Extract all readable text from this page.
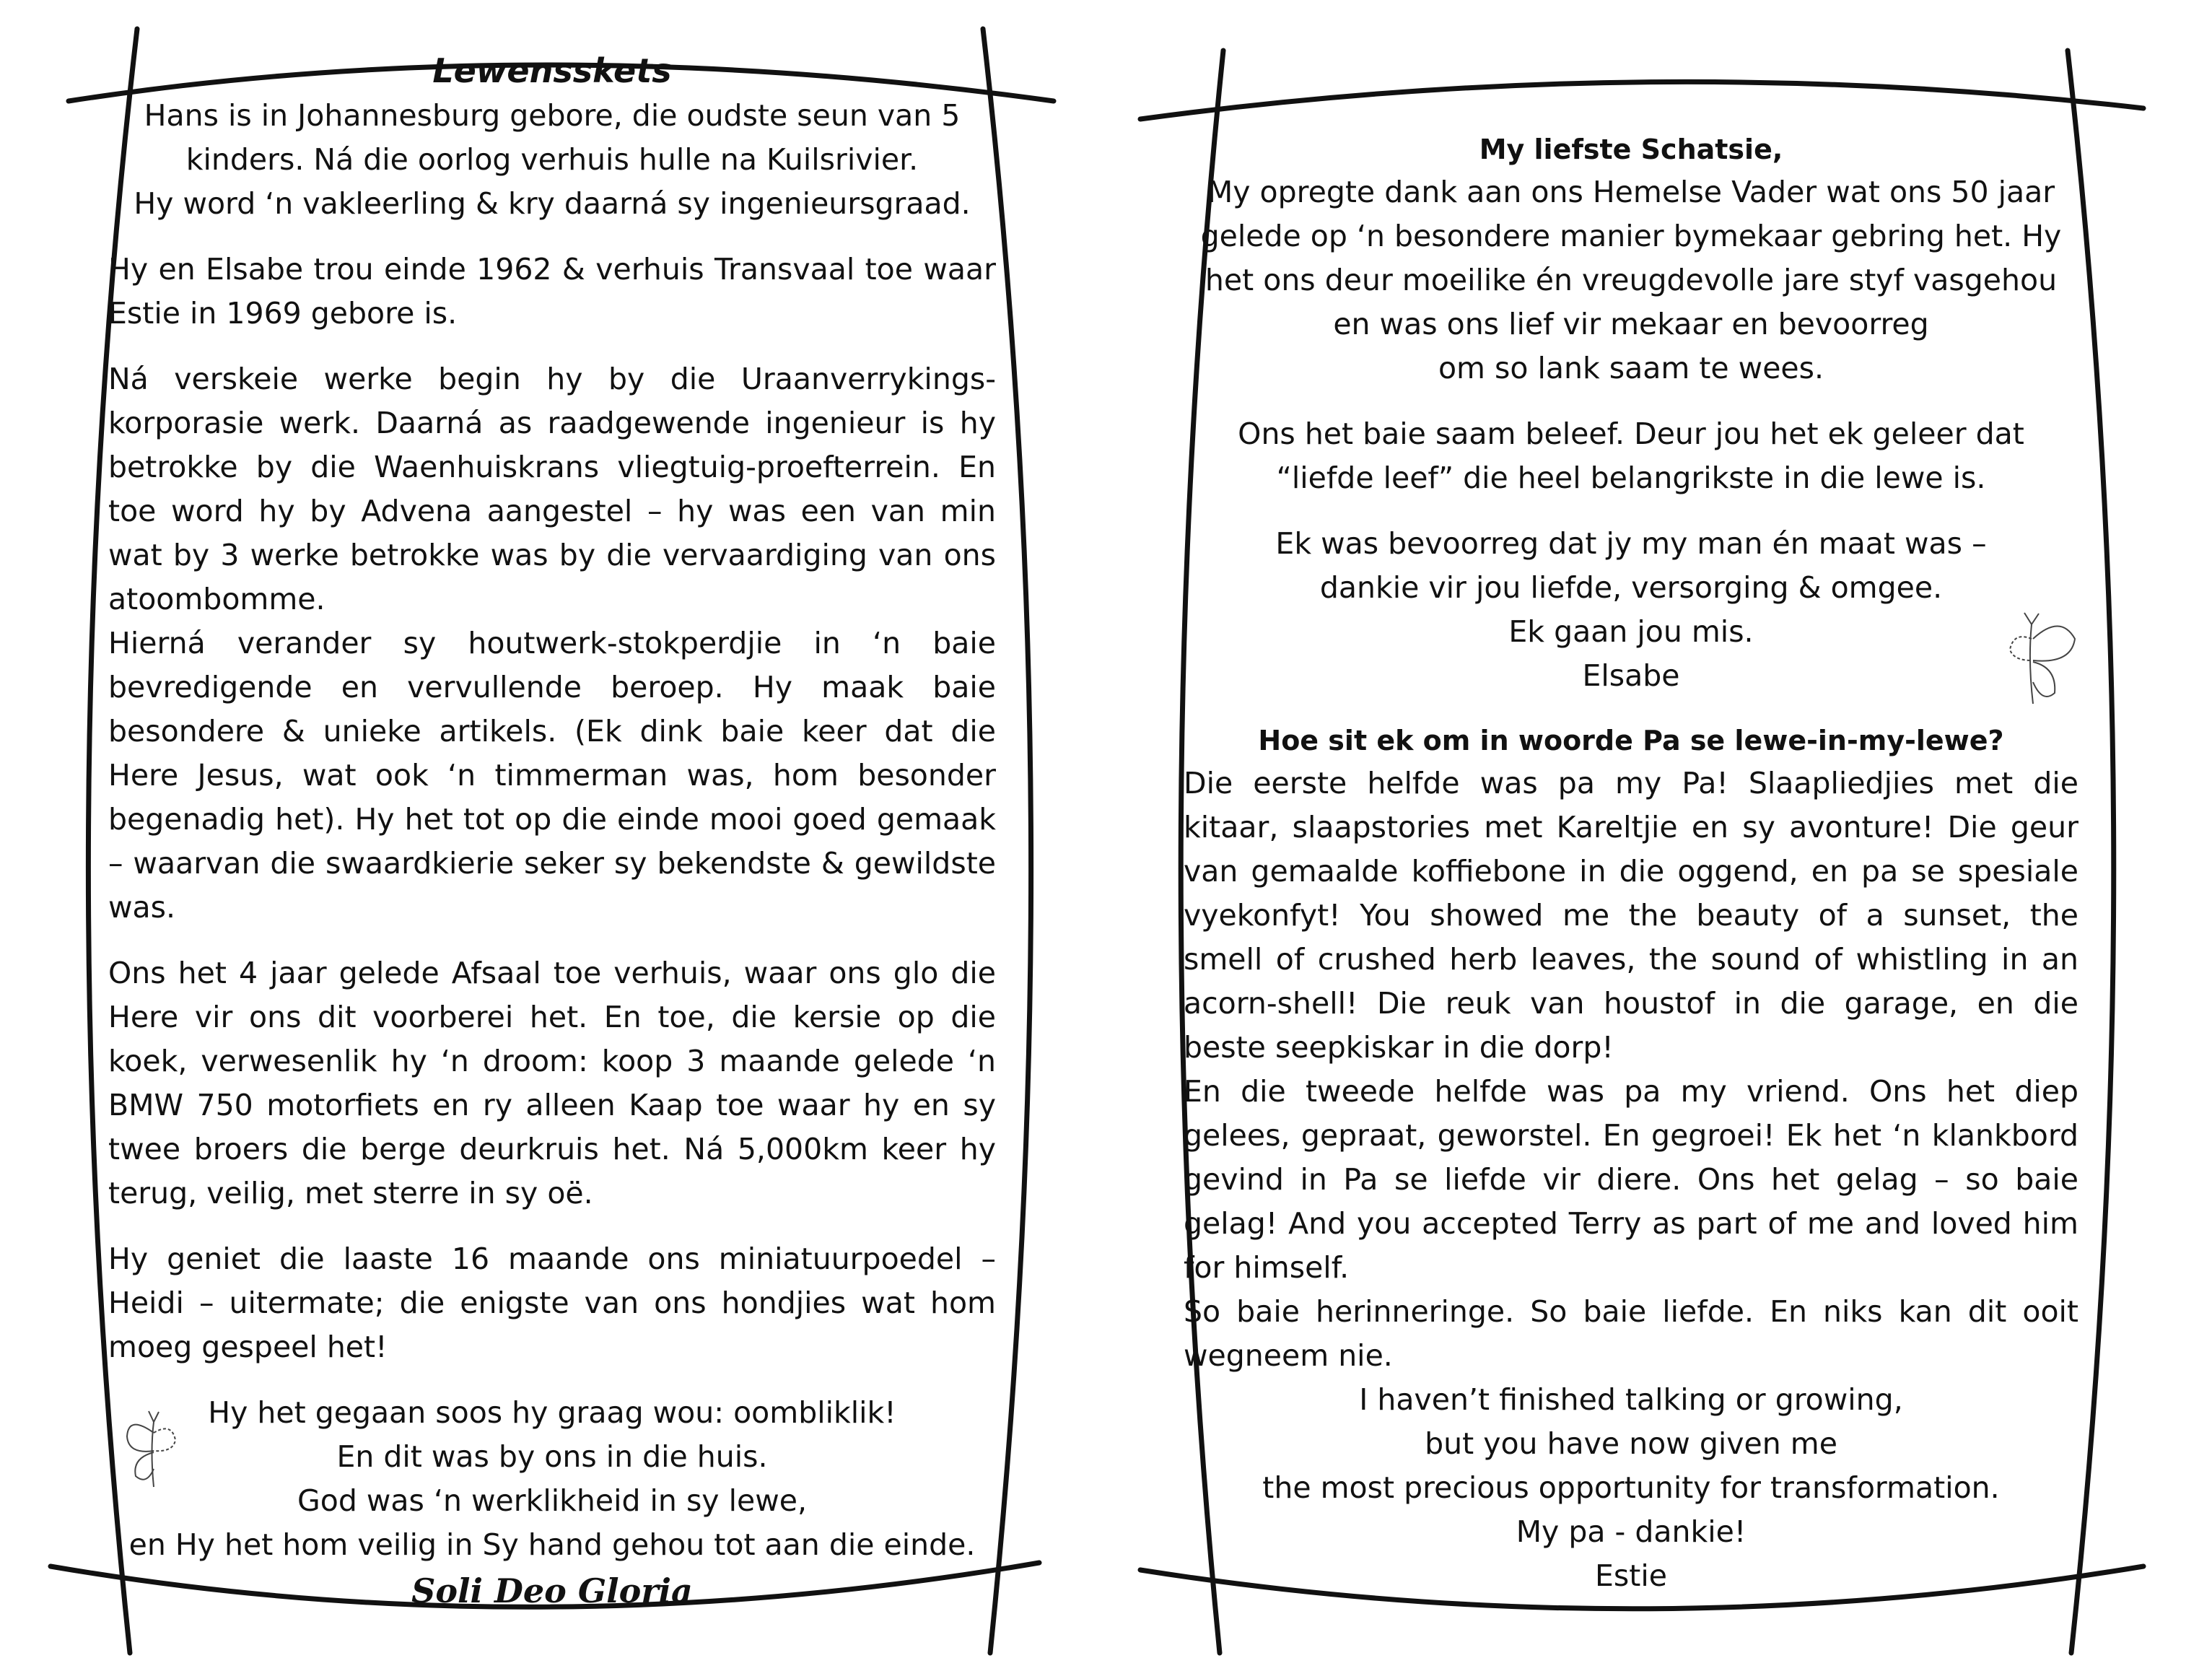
Lewensskets

Hans is in Johannesburg gebore, die oudste seun van 5

kinders. Ná die oorlog verhuis hulle na Kuilsrivier.

Hy word ‘n vakleerling & kry daarná sy ingenieursgraad.

Hy en Elsabe trou einde 1962 & verhuis Transvaal toe waar Estie in 1969 gebore is.

Ná verskeie werke begin hy by die Uraanverrykings-korporasie werk. Daarná as raadgewende ingenieur is hy betrokke by die Waenhuiskrans vliegtuig-proefterrein. En toe word hy by Advena aangestel – hy was een van min wat by 3 werke betrokke was by die vervaardiging van ons atoombomme.

Hierná verander sy houtwerk-stokperdjie in ‘n baie bevredigende en vervullende beroep. Hy maak baie besondere & unieke artikels. (Ek dink baie keer dat die Here Jesus, wat ook ‘n timmerman was, hom besonder begenadig het). Hy het tot op die einde mooi goed gemaak – waarvan die swaardkierie seker sy bekendste & gewildste was.

Ons het 4 jaar gelede Afsaal toe verhuis, waar ons glo die Here vir ons dit voorberei het. En toe, die kersie op die koek, verwesenlik hy ‘n droom: koop 3 maande gelede ‘n BMW 750 motorfiets en ry alleen Kaap toe waar hy en sy twee broers die berge deurkruis het. Ná 5,000km keer hy terug, veilig, met sterre in sy oë.

Hy geniet die laaste 16 maande ons miniatuurpoedel – Heidi – uitermate; die enigste van ons hondjies wat hom moeg gespeel het!

Hy het gegaan soos hy graag wou: oombliklik!

En dit was by ons in die huis.

God was ‘n werklikheid in sy lewe,

en Hy het hom veilig in Sy hand gehou tot aan die einde.

Soli Deo Gloria

My liefste Schatsie,

My opregte dank aan ons Hemelse Vader wat ons 50 jaar

gelede op ‘n besondere manier bymekaar gebring het. Hy

het ons deur moeilike én vreugdevolle jare styf vasgehou

en was ons lief vir mekaar en bevoorreg

om so lank saam te wees.

Ons het baie saam beleef. Deur jou het ek geleer dat

“liefde leef” die heel belangrikste in die lewe is.

Ek was bevoorreg dat jy my man én maat was –

dankie vir jou liefde, versorging & omgee.

Ek gaan jou mis.

Elsabe

Hoe sit ek om in woorde Pa se lewe-in-my-lewe?

Die eerste helfde was pa my Pa! Slaapliedjies met die kitaar, slaapstories met Kareltjie en sy avonture! Die geur van gemaalde koffiebone in die oggend, en pa se spesiale vyekonfyt! You showed me the beauty of a sunset, the smell of crushed herb leaves, the sound of whistling in an acorn-shell! Die reuk van houstof in die garage, en die beste seepkiskar in die dorp!

En die tweede helfde was pa my vriend. Ons het diep gelees, gepraat, geworstel. En gegroei! Ek het ‘n klankbord gevind in Pa se liefde vir diere. Ons het gelag – so baie gelag! And you accepted Terry as part of me and loved him for himself.

So baie herinneringe. So baie liefde. En niks kan dit ooit wegneem nie.

I haven’t finished talking or growing,

but you have now given me

the most precious opportunity for transformation.

My pa - dankie!

Estie
